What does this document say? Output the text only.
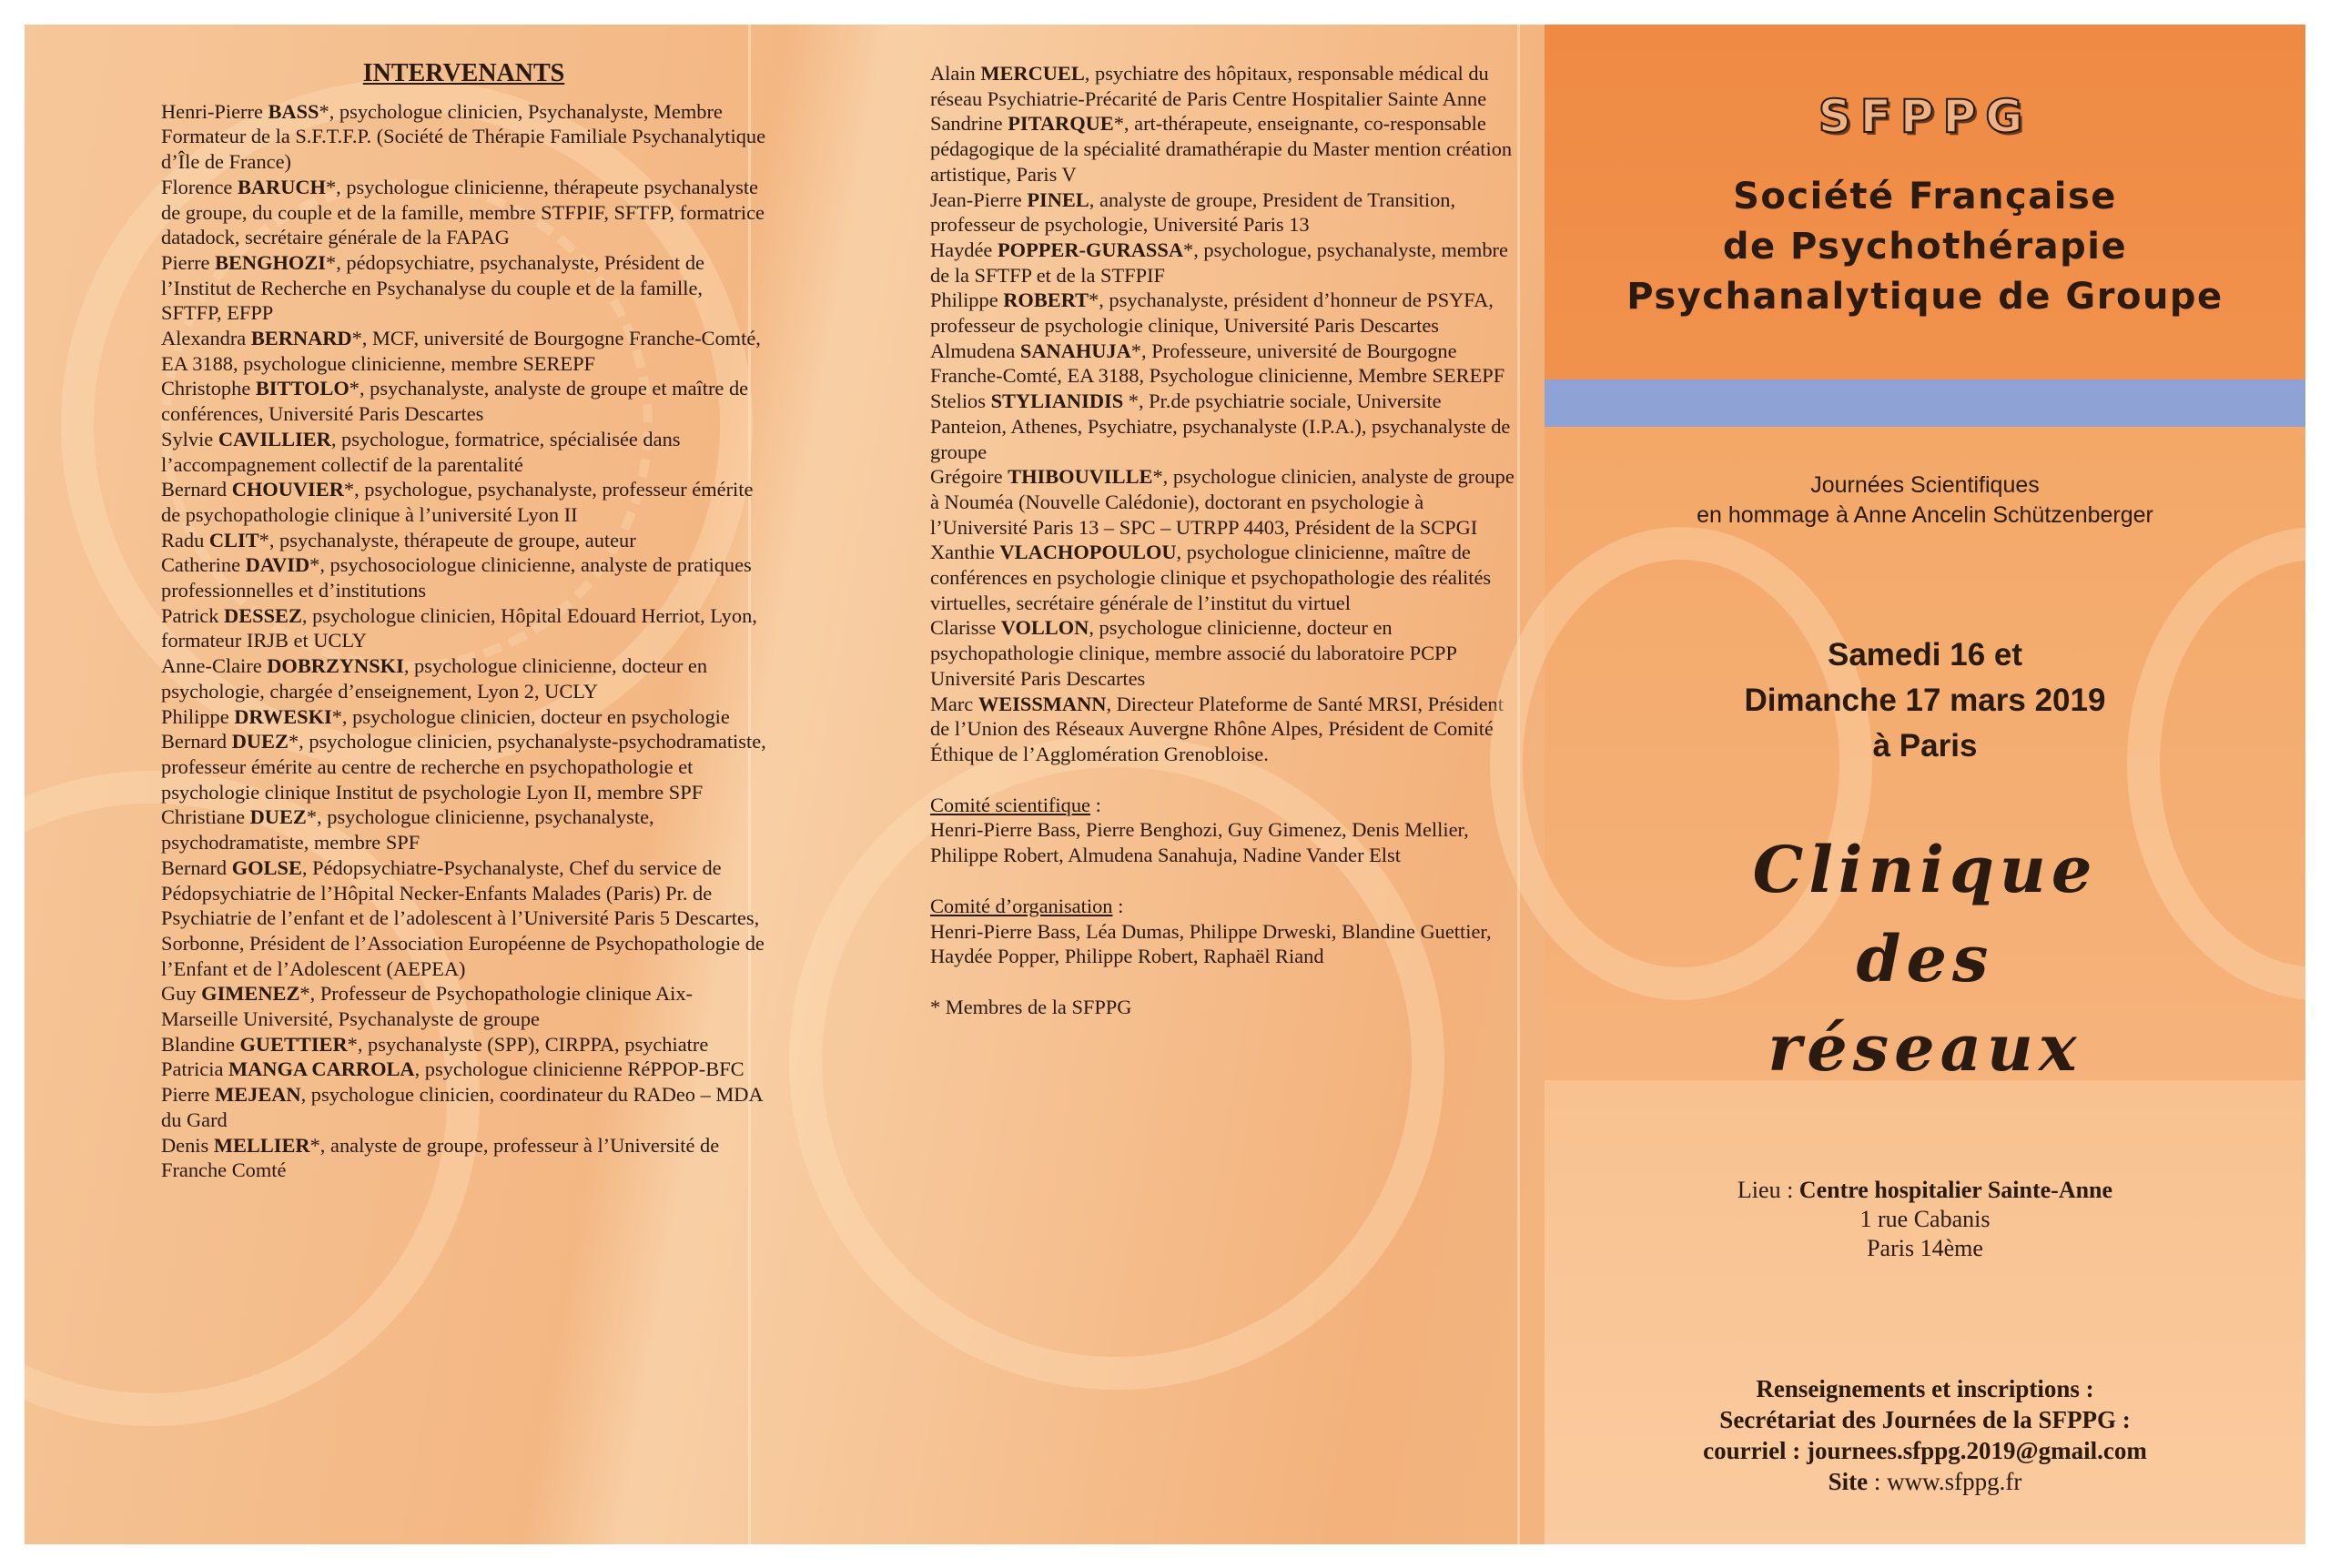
INTERVENANTS

Henri-Pierre BASS*, psychologue clinicien, Psychanalyste, Membre Formateur de la S.F.T.F.P. (Société de Thérapie Familiale Psychanalytique d’Île de France)

Florence BARUCH*, psychologue clinicienne, thérapeute psychanalyste de groupe, du couple et de la famille, membre STFPIF, SFTFP, formatrice datadock, secrétaire générale de la FAPAG

Pierre BENGHOZI*, pédopsychiatre, psychanalyste, Président de l’Institut de Recherche en Psychanalyse du couple et de la famille, SFTFP, EFPP

Alexandra BERNARD*, MCF, université de Bourgogne Franche-Comté, EA 3188, psychologue clinicienne, membre SEREPF

Christophe BITTOLO*, psychanalyste, analyste de groupe et maître de conférences, Université Paris Descartes

Sylvie CAVILLIER, psychologue, formatrice, spécialisée dans l’accompagnement collectif de la parentalité

Bernard CHOUVIER*, psychologue, psychanalyste, professeur émérite de psychopathologie clinique à l’université Lyon II

Radu CLIT*, psychanalyste, thérapeute de groupe, auteur

Catherine DAVID*, psychosociologue clinicienne, analyste de pratiques professionnelles et d’institutions

Patrick DESSEZ, psychologue clinicien, Hôpital Edouard Herriot, Lyon, formateur IRJB et UCLY

Anne-Claire DOBRZYNSKI, psychologue clinicienne, docteur en psychologie, chargée d’enseignement, Lyon 2, UCLY

Philippe DRWESKI*, psychologue clinicien, docteur en psychologie

Bernard DUEZ*, psychologue clinicien, psychanalyste-psychodramatiste, professeur émérite au centre de recherche en psychopathologie et psychologie clinique Institut de psychologie Lyon II, membre SPF

Christiane DUEZ*, psychologue clinicienne, psychanalyste, psychodramatiste, membre SPF

Bernard GOLSE, Pédopsychiatre-Psychanalyste, Chef du service de Pédopsychiatrie de l’Hôpital Necker-Enfants Malades (Paris) Pr. de Psychiatrie de l’enfant et de l’adolescent à l’Université Paris 5 Descartes, Sorbonne, Président de l’Association Européenne de Psychopathologie de l’Enfant et de l’Adolescent (AEPEA)

Guy GIMENEZ*, Professeur de Psychopathologie clinique Aix-Marseille Université, Psychanalyste de groupe

Blandine GUETTIER*, psychanalyste (SPP), CIRPPA, psychiatre

Patricia MANGA CARROLA, psychologue clinicienne RéPPOP-BFC

Pierre MEJEAN, psychologue clinicien, coordinateur du RADeo – MDA du Gard

Denis MELLIER*, analyste de groupe, professeur à l’Université de Franche Comté

Alain MERCUEL, psychiatre des hôpitaux, responsable médical du réseau Psychiatrie-Précarité de Paris Centre Hospitalier Sainte Anne

Sandrine PITARQUE*, art-thérapeute, enseignante, co-responsable pédagogique de la spécialité dramathérapie du Master mention création artistique, Paris V

Jean-Pierre PINEL, analyste de groupe, President de Transition, professeur de psychologie, Université Paris 13

Haydée POPPER-GURASSA*, psychologue, psychanalyste, membre de la SFTFP et de la STFPIF

Philippe ROBERT*, psychanalyste, président d’honneur de PSYFA, professeur de psychologie clinique, Université Paris Descartes

Almudena SANAHUJA*, Professeure, université de Bourgogne Franche-Comté, EA 3188, Psychologue clinicienne, Membre SEREPF

Stelios STYLIANIDIS *, Pr.de psychiatrie sociale, Universite Panteion, Athenes, Psychiatre, psychanalyste (I.P.A.), psychanalyste de groupe

Grégoire THIBOUVILLE*, psychologue clinicien, analyste de groupe à Nouméa (Nouvelle Calédonie), doctorant en psychologie à l’Université Paris 13 – SPC – UTRPP 4403, Président de la SCPGI

Xanthie VLACHOPOULOU, psychologue clinicienne, maître de conférences en psychologie clinique et psychopathologie des réalités virtuelles, secrétaire générale de l’institut du virtuel

Clarisse VOLLON, psychologue clinicienne, docteur en psychopathologie clinique, membre associé du laboratoire PCPP Université Paris Descartes

Marc WEISSMANN, Directeur Plateforme de Santé MRSI, Président de l’Union des Réseaux Auvergne Rhône Alpes, Président de Comité Éthique de l’Agglomération Grenobloise.

Comité scientifique :

Henri-Pierre Bass, Pierre Benghozi, Guy Gimenez, Denis Mellier, Philippe Robert, Almudena Sanahuja, Nadine Vander Elst

Comité d’organisation :

Henri-Pierre Bass, Léa Dumas, Philippe Drweski, Blandine Guettier, Haydée Popper, Philippe Robert, Raphaël Riand

* Membres de la SFPPG

SFPPG
Société Française
de Psychothérapie
Psychanalytique de Groupe
Journées Scientifiques
en hommage à Anne Ancelin Schützenberger
Samedi 16 et
Dimanche 17 mars 2019
à Paris
Clinique
des
réseaux
Lieu : Centre hospitalier Sainte-Anne
1 rue Cabanis
Paris 14ème
Renseignements et inscriptions :
Secrétariat des Journées de la SFPPG :
courriel : journees.sfppg.2019@gmail.com
Site : www.sfppg.fr
